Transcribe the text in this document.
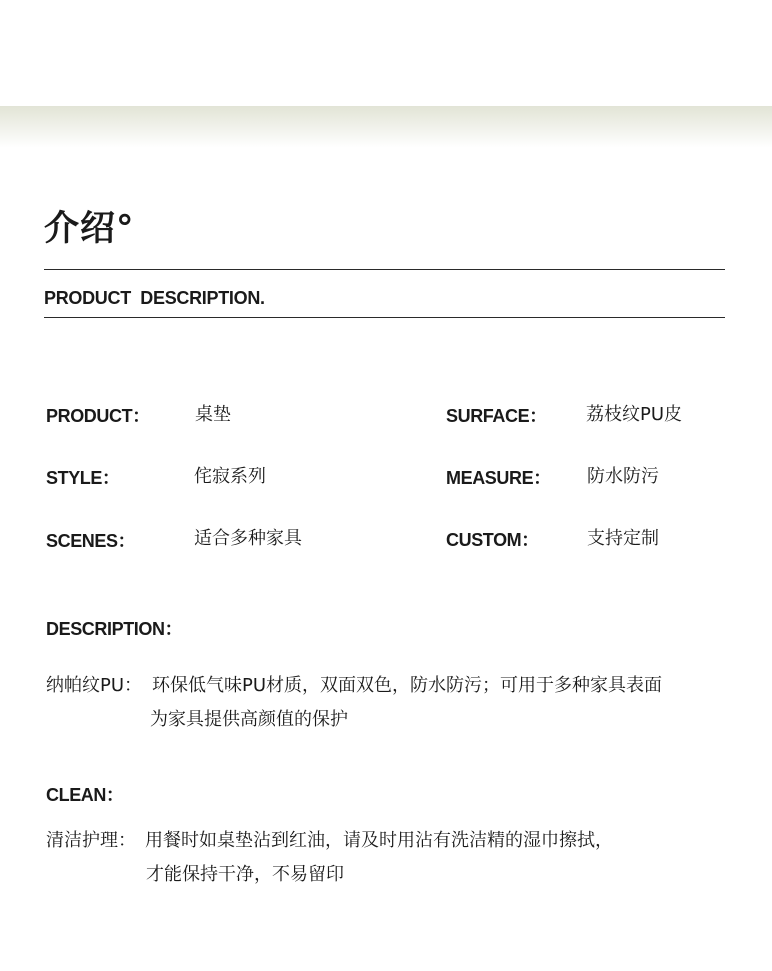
介绍°
PRODUCT  DESCRIPTION.
PRODUCT：	桌垫	SURFACE： 荔枝纹PU皮
STYLE：	侘寂系列	MEASURE： 防水防污
SCENES：	适合多种家具	CUSTOM：	支持定制
DESCRIPTION：
纳帕纹PU： 环保低气味PU材质，双面双色，防水防污；可用于多种家具表面
为家具提供高颜值的保护
CLEAN：
清洁护理： 用餐时如桌垫沾到红油，请及时用沾有洗洁精的湿巾擦拭，
才能保持干净，不易留印
